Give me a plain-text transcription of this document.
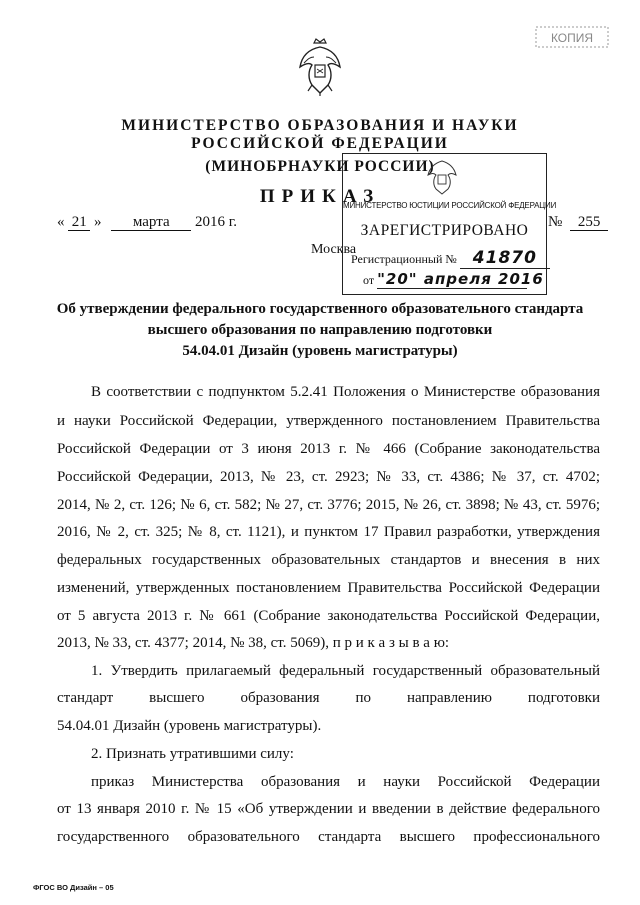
КОПИЯ
МИНИСТЕРСТВО ОБРАЗОВАНИЯ И НАУКИ
РОССИЙСКОЙ ФЕДЕРАЦИИ
(МИНОБРНАУКИ РОССИИ)
ПРИКАЗ
« 21 » марта 2016 г.	№ 255
Москва
МИНИСТЕРСТВО ЮСТИЦИИ РОССИЙСКОЙ ФЕДЕРАЦИИ
ЗАРЕГИСТРИРОВАНО
Регистрационный № 41870
от "20" апреля 2016
Об утверждении федерального государственного образовательного стандарта
высшего образования по направлению подготовки
54.04.01 Дизайн (уровень магистратуры)
В соответствии с подпунктом 5.2.41 Положения о Министерстве образования
и науки Российской Федерации, утвержденного постановлением Правительства
Российской Федерации от 3 июня 2013 г. № 466 (Собрание законодательства
Российской Федерации, 2013, № 23, ст. 2923; № 33, ст. 4386; № 37, ст. 4702;
2014, № 2, ст. 126; № 6, ст. 582; № 27, ст. 3776; 2015, № 26, ст. 3898; № 43, ст. 5976;
2016, № 2, ст. 325; № 8, ст. 1121), и пунктом 17 Правил разработки, утверждения
федеральных государственных образовательных стандартов и внесения в них
изменений, утвержденных постановлением Правительства Российской Федерации
от 5 августа 2013 г. № 661 (Собрание законодательства Российской Федерации,
2013, № 33, ст. 4377; 2014, № 38, ст. 5069), п р и к а з ы в а ю:
1. Утвердить прилагаемый федеральный государственный образовательный
стандарт высшего образования по направлению подготовки
54.04.01 Дизайн (уровень магистратуры).
2. Признать утратившими силу:
приказ Министерства образования и науки Российской Федерации
от 13 января 2010 г. № 15 «Об утверждении и введении в действие федерального
государственного образовательного стандарта высшего профессионального
ФГОС ВО Дизайн – 05
